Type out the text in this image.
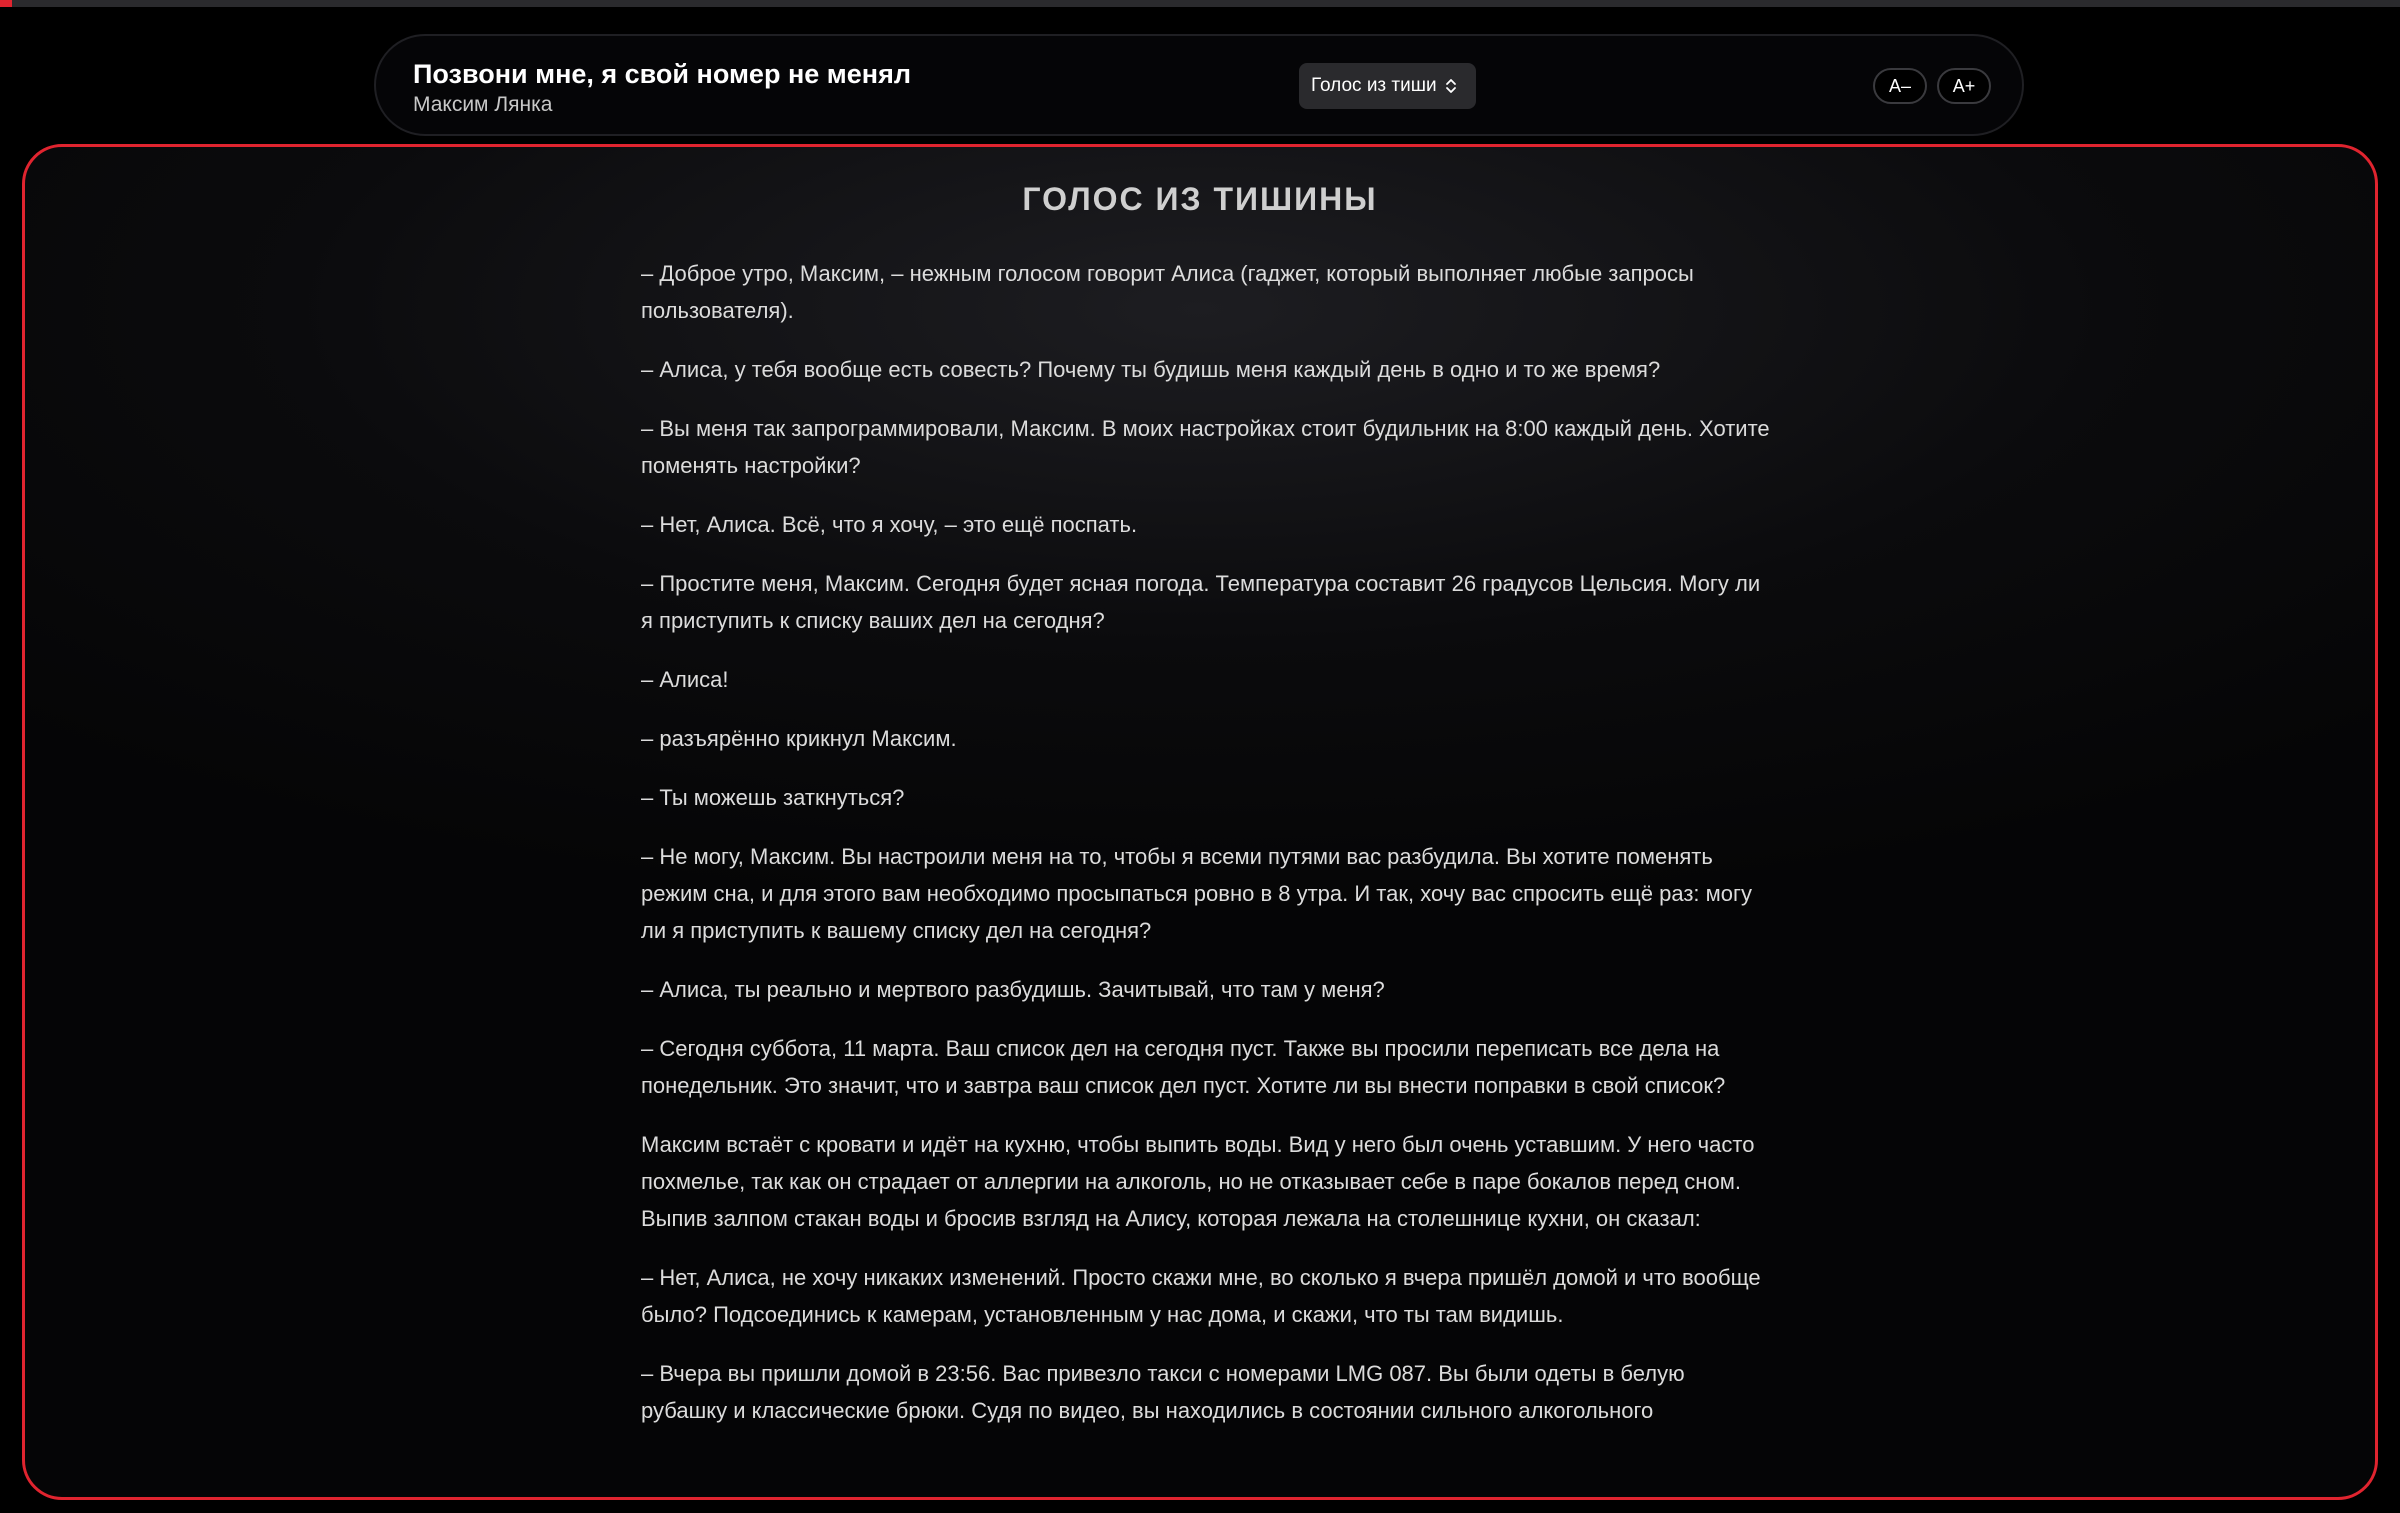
Позвони мне, я свой номер не менял
Максим Лянка
Голос из тиши	A–	A+
ГОЛОС ИЗ ТИШИНЫ

– Доброе утро, Максим, – нежным голосом говорит Алиса (гаджет, который выполняет любые запросы пользователя).

– Алиса, у тебя вообще есть совесть? Почему ты будишь меня каждый день в одно и то же время?

– Вы меня так запрограммировали, Максим. В моих настройках стоит будильник на 8:00 каждый день. Хотите поменять настройки?

– Нет, Алиса. Всё, что я хочу, – это ещё поспать.

– Простите меня, Максим. Сегодня будет ясная погода. Температура составит 26 градусов Цельсия. Могу ли я приступить к списку ваших дел на сегодня?

– Алиса!

– разъярённо крикнул Максим.

– Ты можешь заткнуться?

– Не могу, Максим. Вы настроили меня на то, чтобы я всеми путями вас разбудила. Вы хотите поменять режим сна, и для этого вам необходимо просыпаться ровно в 8 утра. И так, хочу вас спросить ещё раз: могу ли я приступить к вашему списку дел на сегодня?

– Алиса, ты реально и мертвого разбудишь. Зачитывай, что там у меня?

– Сегодня суббота, 11 марта. Ваш список дел на сегодня пуст. Также вы просили переписать все дела на понедельник. Это значит, что и завтра ваш список дел пуст. Хотите ли вы внести поправки в свой список?

Максим встаёт с кровати и идёт на кухню, чтобы выпить воды. Вид у него был очень уставшим. У него часто похмелье, так как он страдает от аллергии на алкоголь, но не отказывает себе в паре бокалов перед сном. Выпив залпом стакан воды и бросив взгляд на Алису, которая лежала на столешнице кухни, он сказал:

– Нет, Алиса, не хочу никаких изменений. Просто скажи мне, во сколько я вчера пришёл домой и что вообще было? Подсоединись к камерам, установленным у нас дома, и скажи, что ты там видишь.

– Вчера вы пришли домой в 23:56. Вас привезло такси с номерами LMG 087. Вы были одеты в белую рубашку и классические брюки. Судя по видео, вы находились в состоянии сильного алкогольного
